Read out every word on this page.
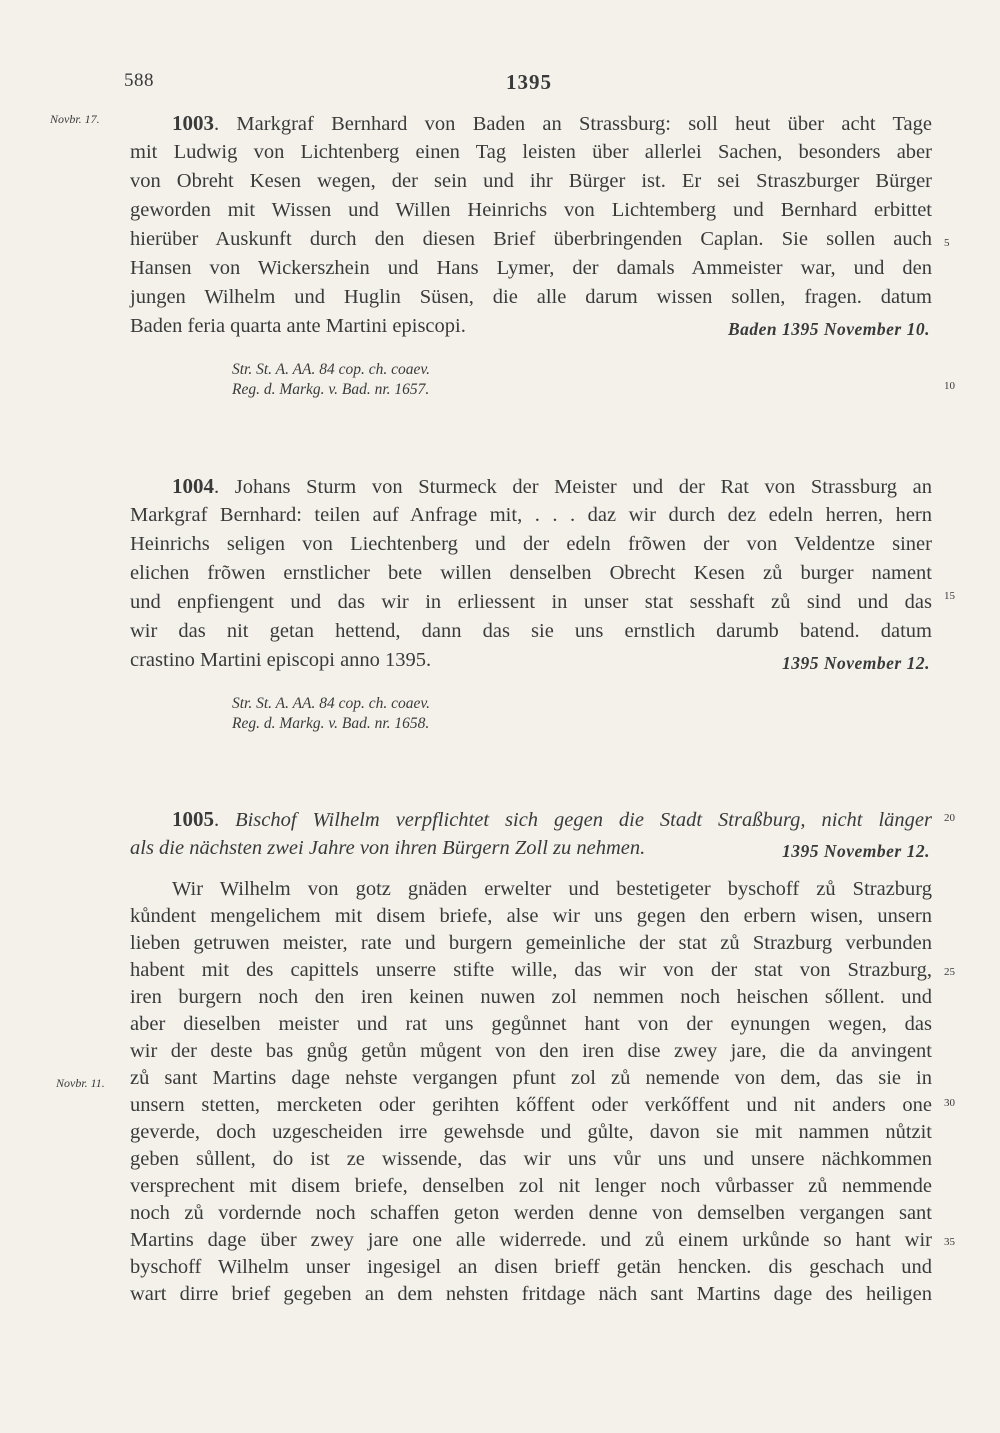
588	1395
Novbr. 17.
Novbr. 11.
5
10
15
20
25
30
35
1003. Markgraf Bernhard von Baden an Strassburg: soll heut über acht Tage
mit Ludwig von Lichtenberg einen Tag leisten über allerlei Sachen, besonders aber
von Obreht Kesen wegen, der sein und ihr Bürger ist. Er sei Straszburger Bürger
geworden mit Wissen und Willen Heinrichs von Lichtemberg und Bernhard erbittet
hierüber Auskunft durch den diesen Brief überbringenden Caplan. Sie sollen auch
Hansen von Wickerszhein und Hans Lymer, der damals Ammeister war, und den
jungen Wilhelm und Huglin Süsen, die alle darum wissen sollen, fragen. datum
Baden feria quarta ante Martini episcopi.	Baden 1395 November 10.
Str. St. A. AA. 84 cop. ch. coaev.
Reg. d. Markg. v. Bad. nr. 1657.
1004. Johans Sturm von Sturmeck der Meister und der Rat von Strassburg an
Markgraf Bernhard: teilen auf Anfrage mit, . . . daz wir durch dez edeln herren, hern
Heinrichs seligen von Liechtenberg und der edeln frõwen der von Veldentze siner
elichen frõwen ernstlicher bete willen denselben Obrecht Kesen zů burger nament
und enpfiengent und das wir in erliessent in unser stat sesshaft zů sind und das
wir das nit getan hettend, dann das sie uns ernstlich darumb batend. datum
crastino Martini episcopi anno 1395.	1395 November 12.
Str. St. A. AA. 84 cop. ch. coaev.
Reg. d. Markg. v. Bad. nr. 1658.
1005. Bischof Wilhelm verpflichtet sich gegen die Stadt Straßburg, nicht länger
als die nächsten zwei Jahre von ihren Bürgern Zoll zu nehmen.	1395 November 12.
Wir Wilhelm von gotz gnäden erwelter und bestetigeter byschoff zů Strazburg
kůndent mengelichem mit disem briefe, alse wir uns gegen den erbern wisen, unsern
lieben getruwen meister, rate und burgern gemeinliche der stat zů Strazburg verbunden
habent mit des capittels unserre stifte wille, das wir von der stat von Strazburg,
iren burgern noch den iren keinen nuwen zol nemmen noch heischen sőllent. und
aber dieselben meister und rat uns gegůnnet hant von der eynungen wegen, das
wir der deste bas gnůg getůn můgent von den iren dise zwey jare, die da anvingent
zů sant Martins dage nehste vergangen pfunt zol zů nemende von dem, das sie in
unsern stetten, mercketen oder gerihten kőffent oder verkőffent und nit anders one
geverde, doch uzgescheiden irre gewehsde und gůlte, davon sie mit nammen nůtzit
geben sůllent, do ist ze wissende, das wir uns vůr uns und unsere nächkommen
versprechent mit disem briefe, denselben zol nit lenger noch vůrbasser zů nemmende
noch zů vordernde noch schaffen geton werden denne von demselben vergangen sant
Martins dage über zwey jare one alle widerrede. und zů einem urkůnde so hant wir
byschoff Wilhelm unser ingesigel an disen brieff getän hencken. dis geschach und
wart dirre brief gegeben an dem nehsten fritdage näch sant Martins dage des heiligen
